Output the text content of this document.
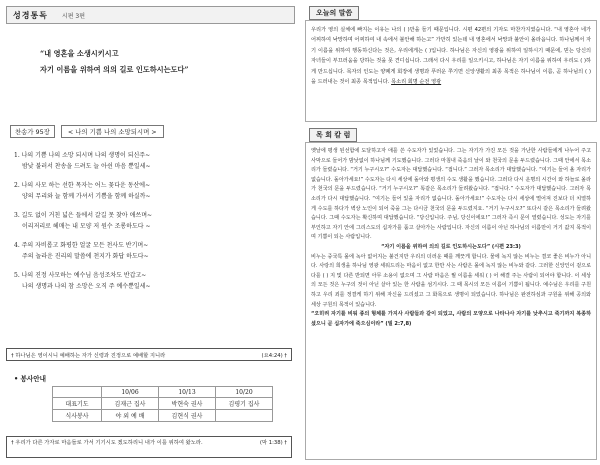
성경통독	시편 3편
“내 영혼을 소생시키시고
자기 이름을 위하여 의의 길로 인도하시는도다”
찬송가 95장	< 나의 기쁨 나의 소망되시며 >
1. 나의 기쁨 나의 소망 되시며 나의 생명이 되신주~
밤낮 불러서 찬송을 드려도 늘 아쉰 마음 뿐일세~
2. 나의 사모 하는 선한 목자는 어느 꽃다운 동산에~
양의 무리와 늘 함께 가셔서 기쁨을 함께 하실까~
3. 길도 없이 거친 넓은 들에서 갈길 못 찾아 애쓰며~
이리저리로 헤매는 내 모양 저 원수 조롱하도다 ~
4. 주의 자비롭고 화평한 얼굴 모든 천사도 반기며~
주의 놀라운 진리의 말씀에 천지가 화답 하도다~
5. 나의 진정 사모하는 예수님 음성조차도 반갑고~
나의 생명과 나의 참 소망은 오직 주 예수뿐일세~
† 하나님은 영이시니 예배하는 자가 신령과 진정으로 예배할 지니라	(요4:24) †
• 봉사안내
	10/06	10/13	10/20
대표기도	김재근 집사	박현숙 권사	김평기 집사
식사봉사	야 외 예 배	김현식 권사	
† 우리가 다른 가자로 마음들로 가서 기기시도 겠도하리니 내가 이를 위하여 왔노라.	(막 1:38) †
오늘의 말씀
우리가 영의 실체에 빠지는 이유는 나의 ( )만을 들기 때문입니다. 시편 42편의 기자도 마찬가지였습니다. “내 영혼아 네가 어찌하여 낙망하며 어찌하여 내 속에서 불안해 하는고” 가만히 있는데 내 영혼에서 낙망과 불안이 올라옵니다. 하나님께서 자기 이름을 위하여 행동하신다는 것은, 우리에게는 ( )입니다. 하나님은 자신의 영광을 위하여 일하시기 때문에, 믿는 당신의 자녀들이 부끄러움을 당하는 것을 못 견디십니다. 그래서 다시 우리를 일으키시고, 하나님은 자기 이름을 위하여 우리도 ( )하게 만드십니다. 목자의 인도는 양떼게 회장에 생명과 푸러운 쭈기면 신앙생활의 최종 목적은 하나님이 이름, 곧 하나님의 ( )을 드러내는 것이 최종 목적입니다. 목소리 회명 순전 영광
목 회 칼 럼

옛날에 평생 된선함에 도달하고자 애를 쓴 수도자가 있었습니다. 그는 자기가 가진 모든 것을 가난한 사람들에게 나누어 주고 사막으로 들어가 밤낮없이 하나님께 기도했습니다. 그러다 마침내 죽음의 날이 와 천국의 문을 두드렸습니다. 그때 안에서 목소리가 들렸습니다. “거기 누구시오?” 수도자는 대답했습니다. “접니다.” 그러자 목소리가 대답했습니다. “여기는 들어 올 자리가 없습니다. 돌아가세요!” 수도자는 다시 세상에 돌아와 평생의 수도 생활을 했습니다. 그러다 다시 운명의 시간이 와 하늘로 올라가 천국의 문을 두드렸습니다. “거기 누구시오?” 똑같은 목소리가 들려왔습니다. “접니다.” 수도자가 대답했습니다. 그러자 목소리가 다시 대답했습니다. “여기는 들어 있을 자리가 없습니다. 돌아가세요!” 수도자는 다시 세상에 떨어져 진보다 더 치열하게 수도를 하다가 벽상 노인이 되어 죽을 그는 다시금 천국의 문을 두드렸지요. “거기 누구시오?” 또다시 같은 목소리가 들려왔습니다. 그때 수도자는 확신하며 대답했습니다. “당신입니다. 주님, 당신이에요!” 그러자 즉시 문이 열렸습니다. 성도는 자기를 부인하고 자기 안에 그리스도의 십자가를 품고 살아가는 사람입니다. 자신의 이름이 아닌 하나님의 이름만이 거기 값지 목적이며 기쁨이 되는 사람입니다.

“자기 이름을 위하여 의의 길로 인도하시는도다” (시편 23:3)

비누는 중국특 몰에 녹아 없어지는 불건지만 우리의 더러운 때를 깨끗게 합니다. 물에 녹지 않는 비누는 결코 좋은 비누가 아니다. 사랑의 희생을 하나님 영광 세워드리는 마음이 없고 한만 사는 사람은 몰에 녹지 않는 비누와 같다. 그러한 신앙인이 겉으로 다를 ( ) 지 및 다른 반되면 아무 소용이 없으며 그 사람 마음은 뭘 이름을 세워 ( ) 어 해결 주는 사람이 되어야 합니다. 이 세상의 모든 것은 누구의 것이 아닌 살아 있는 한 사람을 섬기시다. 그 때 목시의 모든 이름이 기쁨이 됩니다. 예수님은 우리를 구원하고 우리 죄를 정결케 하기 위해 자신을 드리셨고 그 화목으로 생명이 되었습니다. 하나님은 완전하심과 구원을 위해 공의와 세상 구원의 목적이 있습니다.

“오히려 자기를 비워 종의 형체를 가지사 사람들과 같이 되었고, 사람의 모양으로 나타나사 자기를 낮추시고 죽기까지 복종하셨으니 곧 십자가에 죽으심이라” (빌 2:7,8)
